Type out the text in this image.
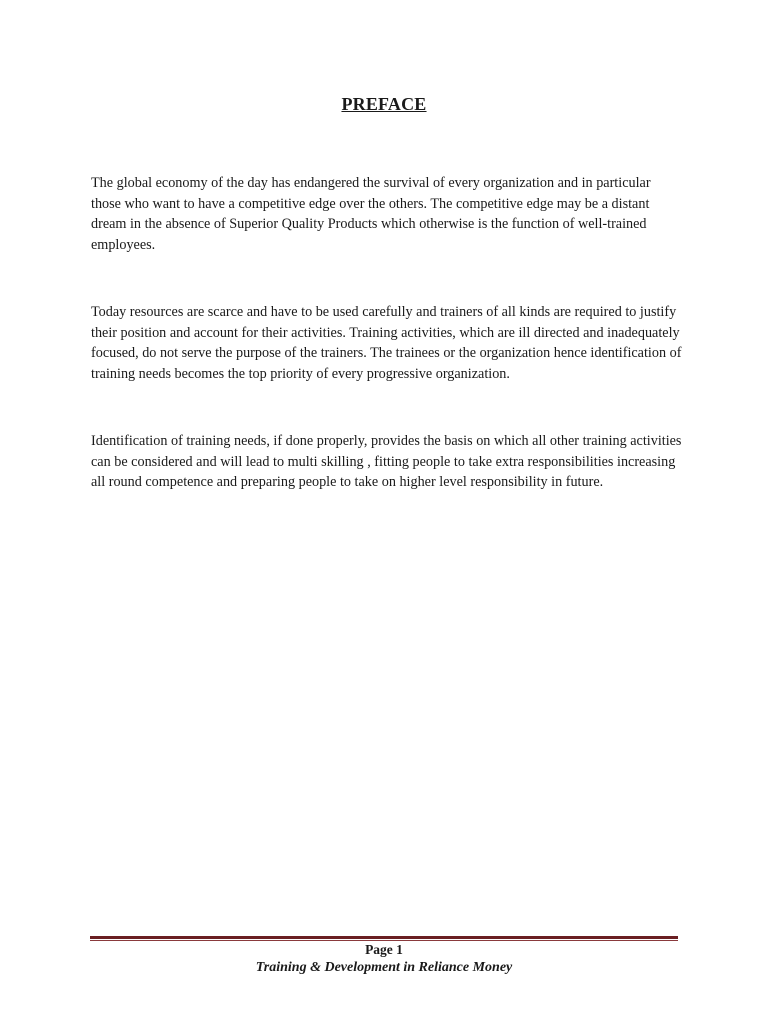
PREFACE

The global economy of the day has endangered the survival of every organization and in particular those who want to have a competitive edge over the others. The competitive edge may be a distant dream in the absence of Superior Quality Products which otherwise is the function of well-trained employees.

Today resources are scarce and have to be used carefully and trainers of all kinds are required to justify their position and account for their activities. Training activities, which are ill directed and inadequately focused, do not serve the purpose of the trainers. The trainees or the organization hence identification of training needs becomes the top priority of every progressive organization.

Identification of training needs, if done properly, provides the basis on which all other training activities can be considered and will lead to multi skilling , fitting people to take extra responsibilities increasing all round competence and preparing people to take on higher level responsibility in future.

Page 1
Training & Development in Reliance Money
